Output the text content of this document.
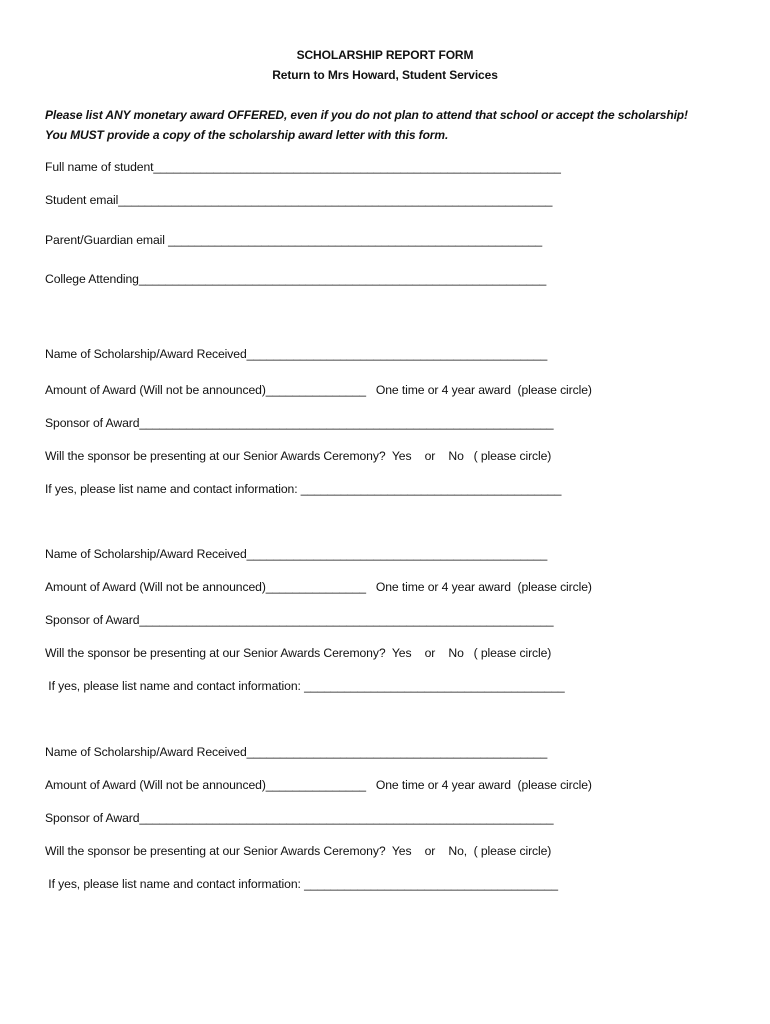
SCHOLARSHIP REPORT FORM
Return to Mrs Howard, Student Services
Please list ANY monetary award OFFERED, even if you do not plan to attend that school or accept the scholarship!
You MUST provide a copy of the scholarship award letter with this form.
Full name of student_____________________________________________________________
Student email_________________________________________________________________
Parent/Guardian email ________________________________________________________
College Attending_____________________________________________________________
Name of Scholarship/Award Received_____________________________________________
Amount of Award (Will not be announced)_______________   One time or 4 year award  (please circle)
Sponsor of Award______________________________________________________________
Will the sponsor be presenting at our Senior Awards Ceremony?  Yes    or    No   ( please circle)
If yes, please list name and contact information: _______________________________________
Name of Scholarship/Award Received_____________________________________________
Amount of Award (Will not be announced)_______________   One time or 4 year award  (please circle)
Sponsor of Award______________________________________________________________
Will the sponsor be presenting at our Senior Awards Ceremony?  Yes    or    No   ( please circle)
If yes, please list name and contact information: _______________________________________
Name of Scholarship/Award Received_____________________________________________
Amount of Award (Will not be announced)_______________   One time or 4 year award  (please circle)
Sponsor of Award______________________________________________________________
Will the sponsor be presenting at our Senior Awards Ceremony?  Yes    or    No,  ( please circle)
If yes, please list name and contact information: ______________________________________
